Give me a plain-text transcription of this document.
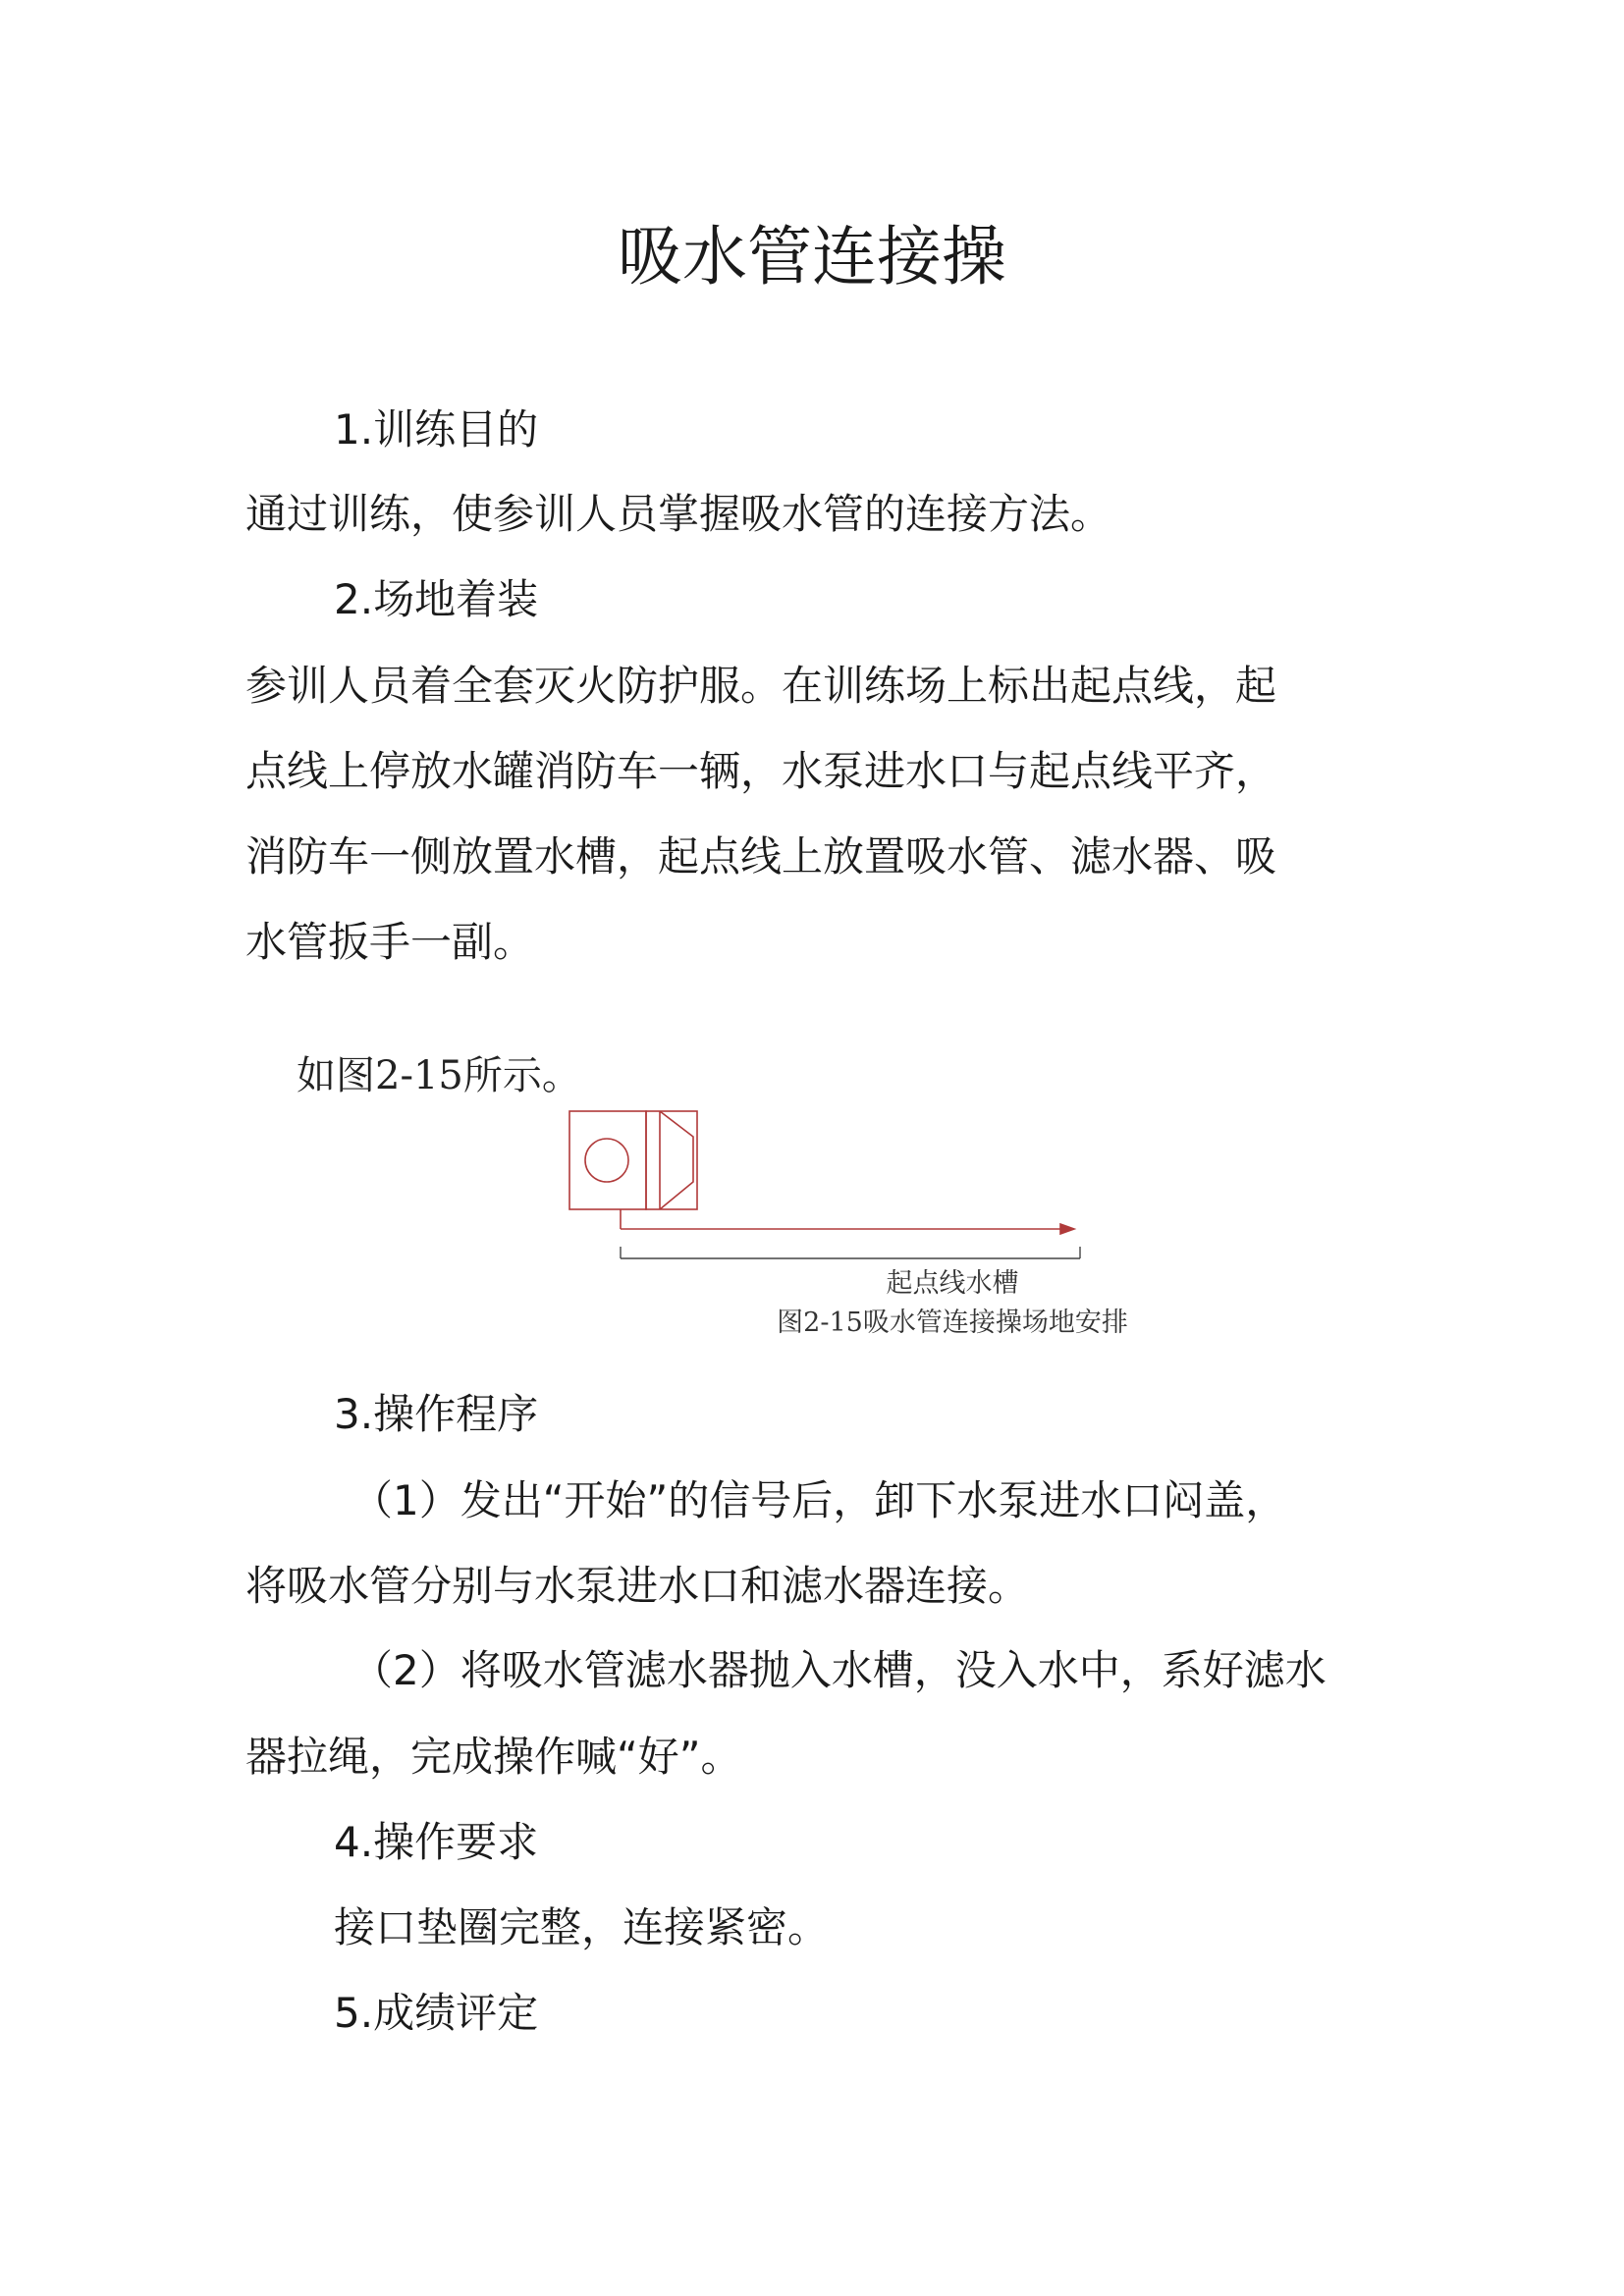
吸水管连接操
1.训练目的
通过训练，使参训人员掌握吸水管的连接方法。
2.场地着装
参训人员着全套灭火防护服。在训练场上标出起点线，起
点线上停放水罐消防车一辆，水泵进水口与起点线平齐，
消防车一侧放置水槽，起点线上放置吸水管、滤水器、吸
水管扳手一副。
如图2-15所示。
起点线水槽
图2-15吸水管连接操场地安排
3.操作程序
（1）发出“开始”的信号后，卸下水泵进水口闷盖，
将吸水管分别与水泵进水口和滤水器连接。
（2）将吸水管滤水器抛入水槽，没入水中，系好滤水
器拉绳，完成操作喊“好”。
4.操作要求
接口垫圈完整，连接紧密。
5.成绩评定
